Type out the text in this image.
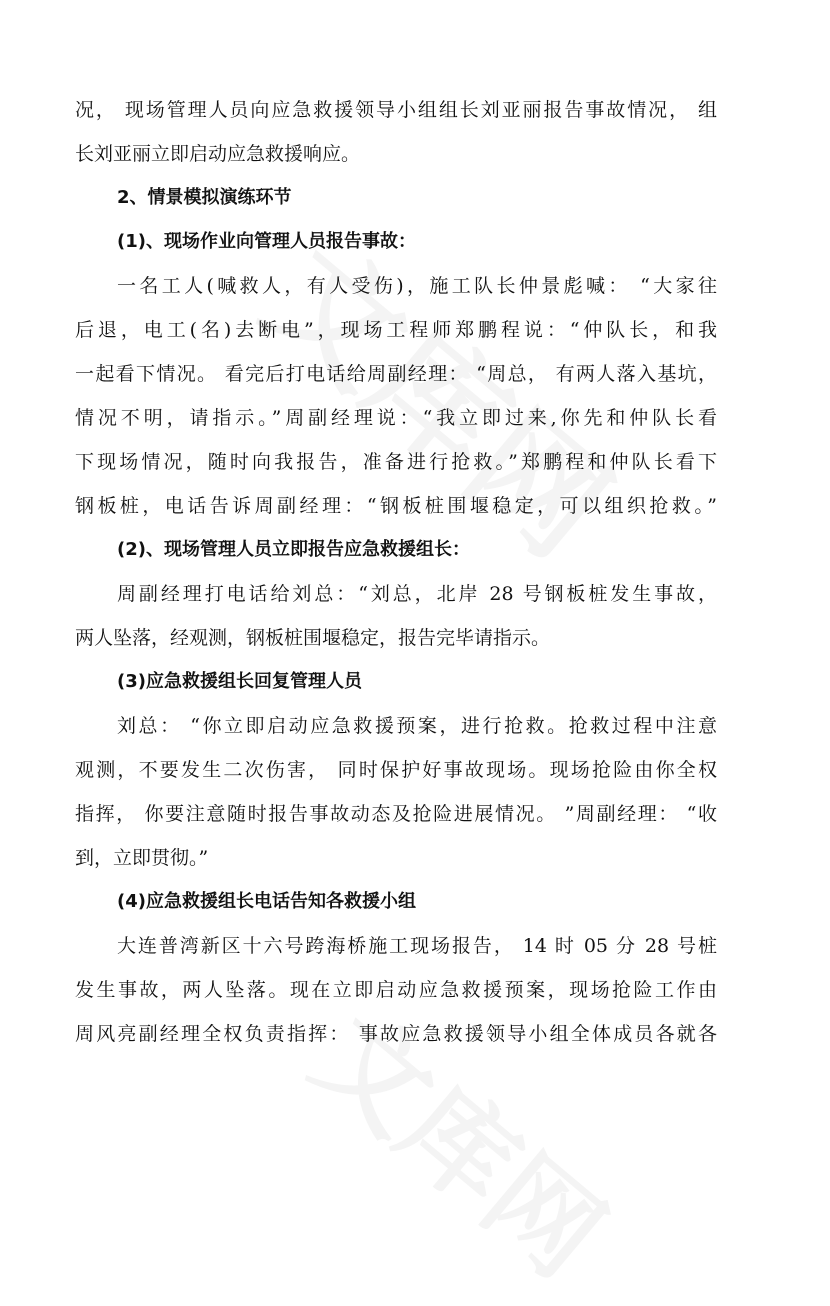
况， 现场管理人员向应急救援领导小组组长刘亚丽报告事故情况， 组
长刘亚丽立即启动应急救援响应。
2、情景模拟演练环节
(1)、现场作业向管理人员报告事故：
一名工人(喊救人，有人受伤)，施工队长仲景彪喊： “大家往
后退，电工(名)去断电”，现场工程师郑鹏程说：“仲队长，和我
一起看下情况。 看完后打电话给周副经理： “周总， 有两人落入基坑，
情况不明，请指示。”周副经理说：“我立即过来,你先和仲队长看
下现场情况，随时向我报告，准备进行抢救。”郑鹏程和仲队长看下
钢板桩，电话告诉周副经理：“钢板桩围堰稳定，可以组织抢救。”
(2)、现场管理人员立即报告应急救援组长：
周副经理打电话给刘总：“刘总，北岸 28 号钢板桩发生事故，
两人坠落，经观测，钢板桩围堰稳定，报告完毕请指示。
(3)应急救援组长回复管理人员
刘总： “你立即启动应急救援预案，进行抢救。抢救过程中注意
观测，不要发生二次伤害， 同时保护好事故现场。现场抢险由你全权
指挥， 你要注意随时报告事故动态及抢险进展情况。 ”周副经理： “收
到，立即贯彻。”
(4)应急救援组长电话告知各救援小组
大连普湾新区十六号跨海桥施工现场报告， 14 时 05 分 28 号桩
发生事故，两人坠落。现在立即启动应急救援预案，现场抢险工作由
周风亮副经理全权负责指挥： 事故应急救援领导小组全体成员各就各
